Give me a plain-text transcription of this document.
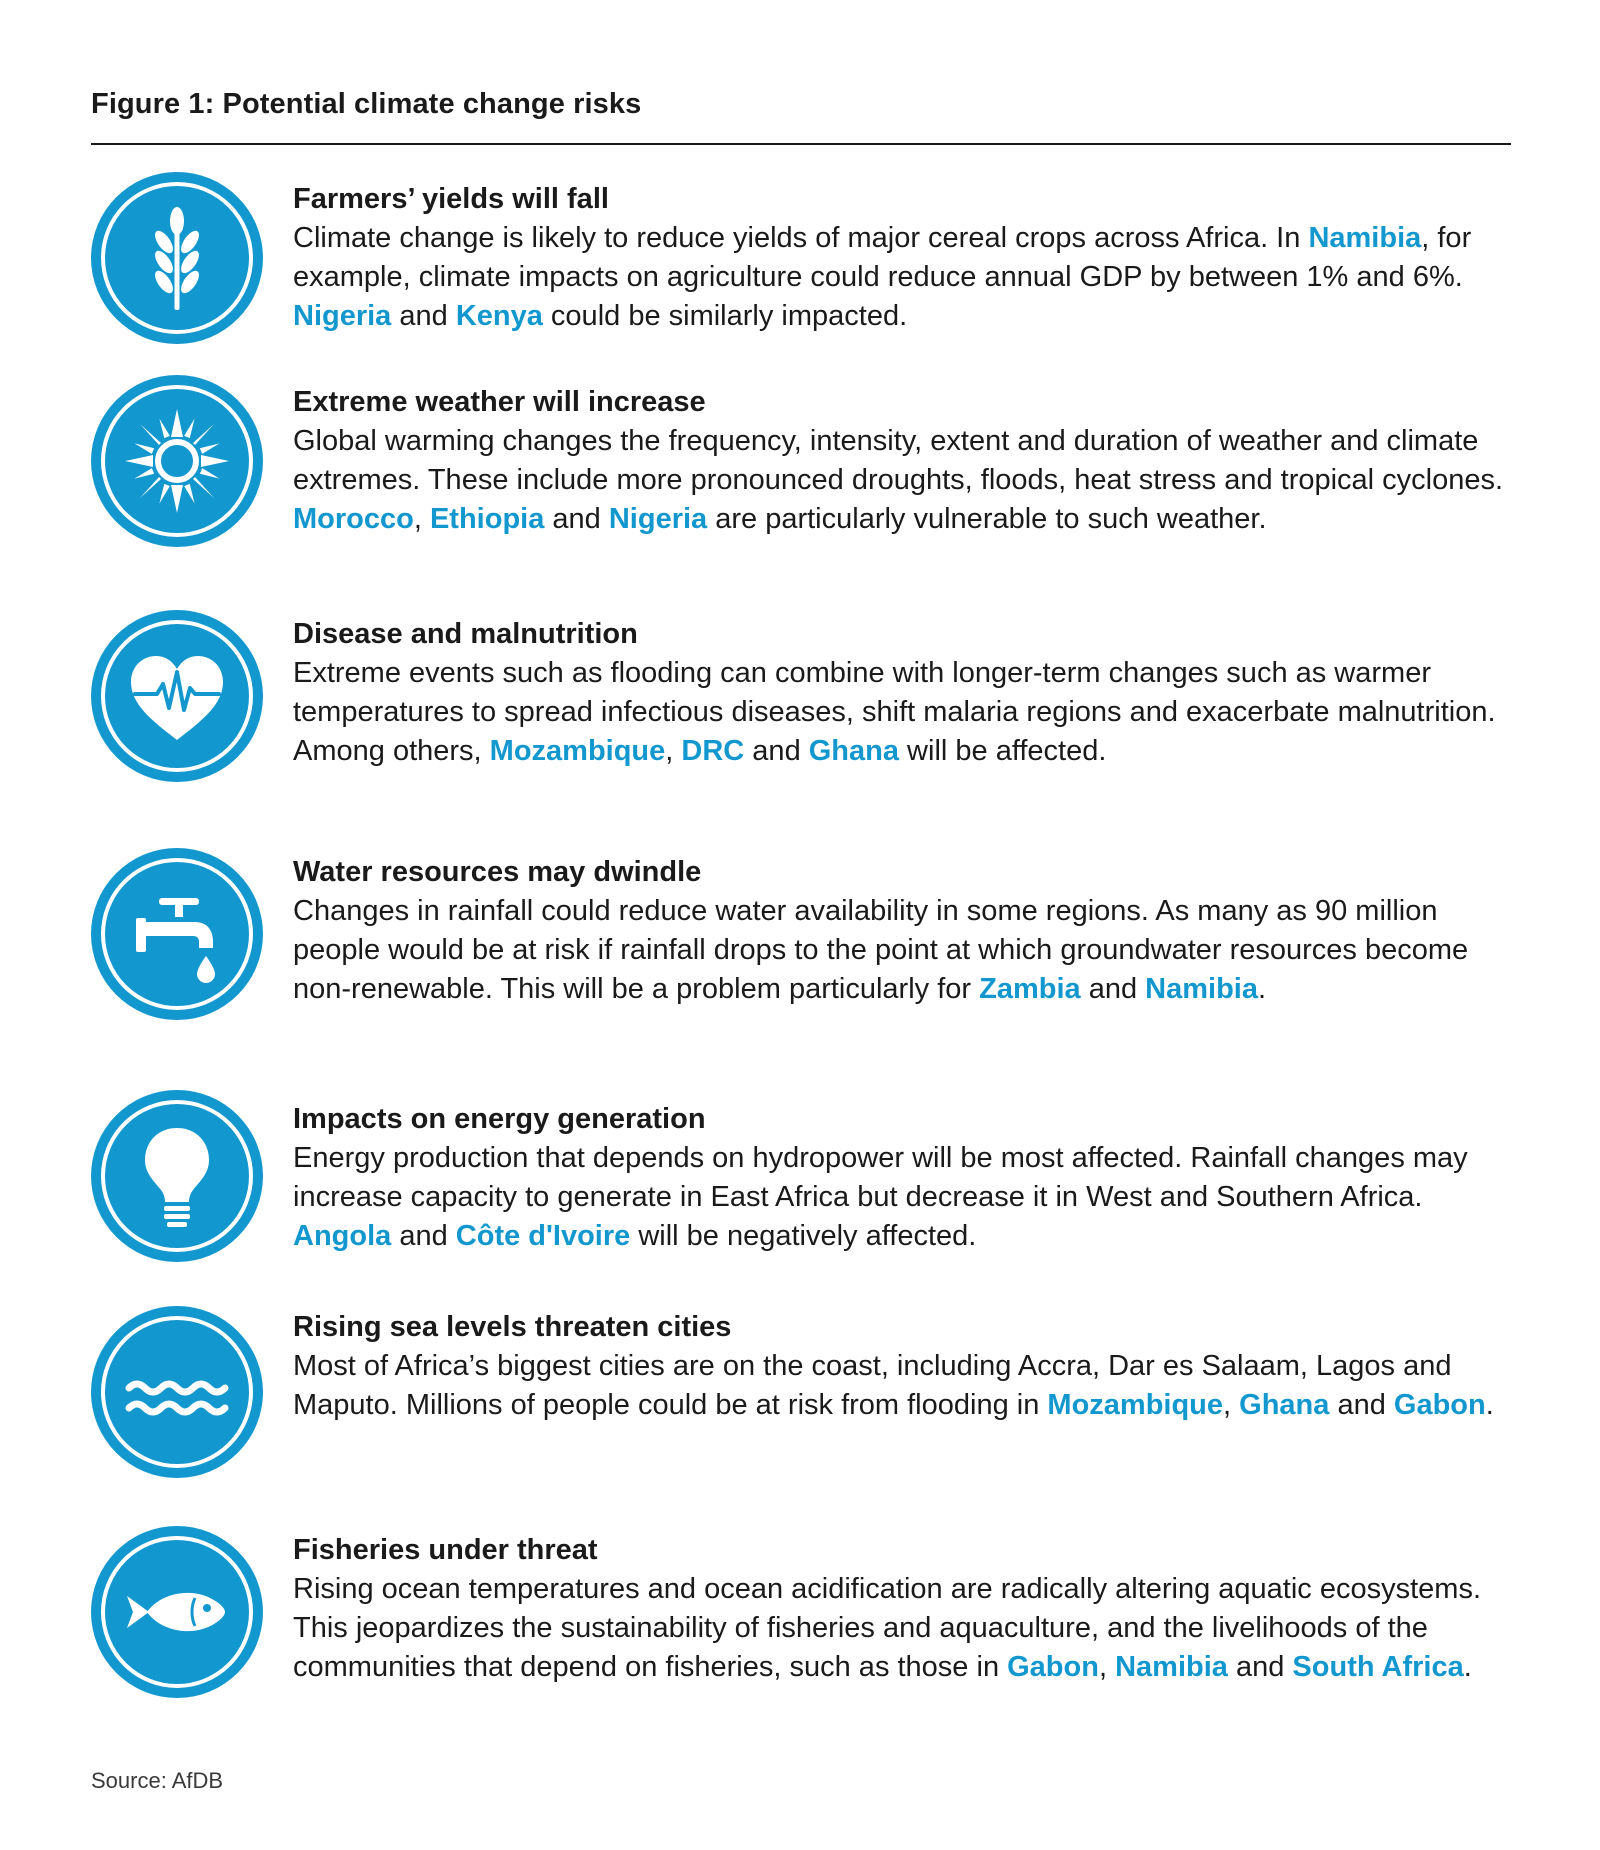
Figure 1: Potential climate change risks
Farmers’ yields will fall
Climate change is likely to reduce yields of major cereal crops across Africa. In Namibia, for example, climate impacts on agriculture could reduce annual GDP by between 1% and 6%. Nigeria and Kenya could be similarly impacted.
Extreme weather will increase
Global warming changes the frequency, intensity, extent and duration of weather and climate extremes. These include more pronounced droughts, floods, heat stress and tropical cyclones. Morocco, Ethiopia and Nigeria are particularly vulnerable to such weather.
Disease and malnutrition
Extreme events such as flooding can combine with longer-term changes such as warmer temperatures to spread infectious diseases, shift malaria regions and exacerbate malnutrition. Among others, Mozambique, DRC and Ghana will be affected.
Water resources may dwindle
Changes in rainfall could reduce water availability in some regions. As many as 90 million people would be at risk if rainfall drops to the point at which groundwater resources become non-renewable. This will be a problem particularly for Zambia and Namibia.
Impacts on energy generation
Energy production that depends on hydropower will be most affected. Rainfall changes may increase capacity to generate in East Africa but decrease it in West and Southern Africa. Angola and Côte d'Ivoire will be negatively affected.
Rising sea levels threaten cities
Most of Africa’s biggest cities are on the coast, including Accra, Dar es Salaam, Lagos and Maputo. Millions of people could be at risk from flooding in Mozambique, Ghana and Gabon.
Fisheries under threat
Rising ocean temperatures and ocean acidification are radically altering aquatic ecosystems. This jeopardizes the sustainability of fisheries and aquaculture, and the livelihoods of the communities that depend on fisheries, such as those in Gabon, Namibia and South Africa.
Source: AfDB
